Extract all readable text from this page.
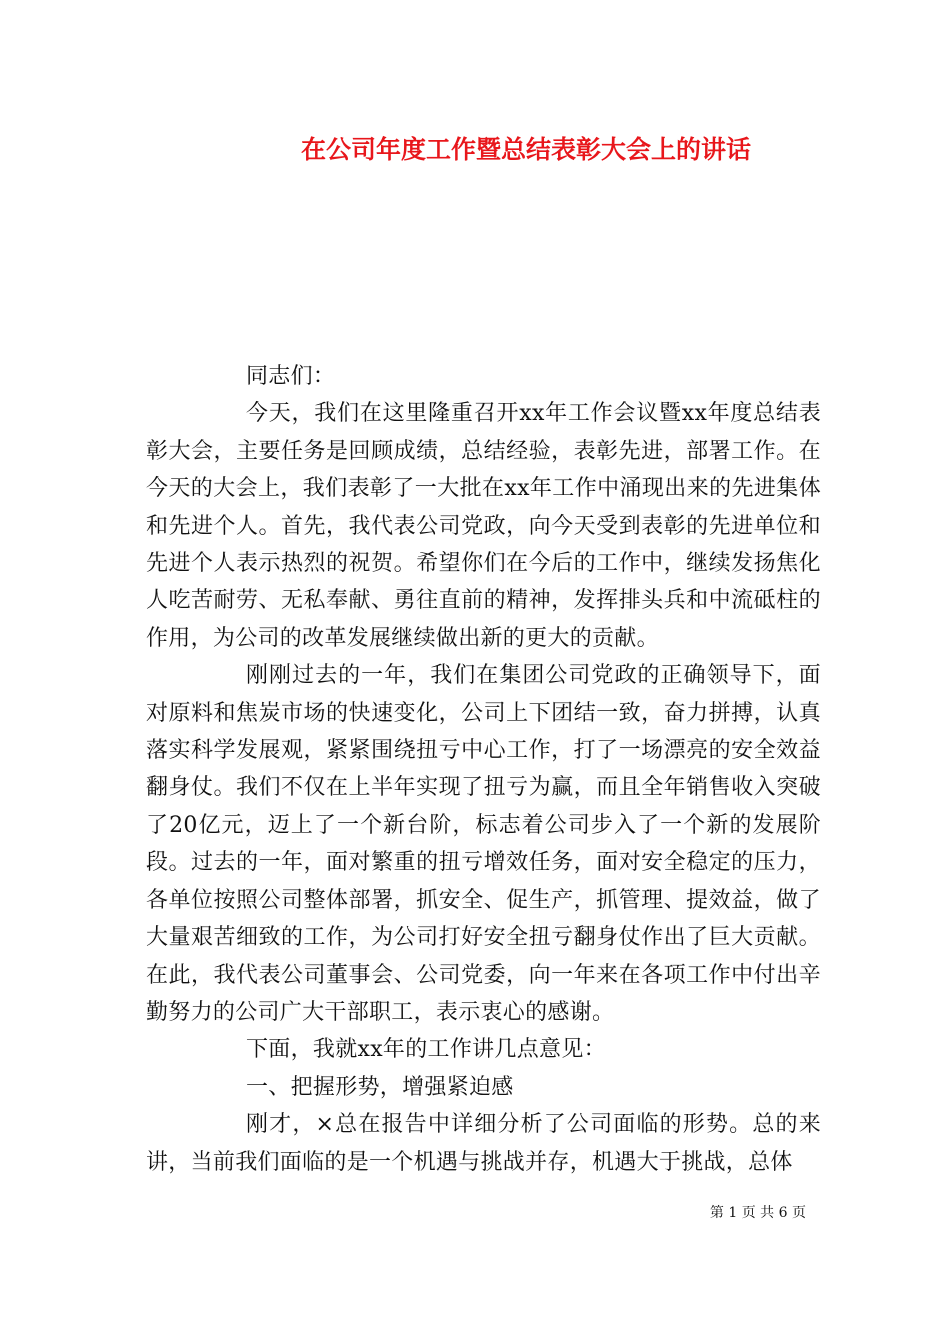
在公司年度工作暨总结表彰大会上的讲话

同志们：

今天，我们在这里隆重召开xx年工作会议暨xx年度总结表彰大会，主要任务是回顾成绩，总结经验，表彰先进，部署工作。在今天的大会上，我们表彰了一大批在xx年工作中涌现出来的先进集体和先进个人。首先，我代表公司党政，向今天受到表彰的先进单位和先进个人表示热烈的祝贺。希望你们在今后的工作中，继续发扬焦化人吃苦耐劳、无私奉献、勇往直前的精神，发挥排头兵和中流砥柱的作用，为公司的改革发展继续做出新的更大的贡献。

刚刚过去的一年，我们在集团公司党政的正确领导下，面对原料和焦炭市场的快速变化，公司上下团结一致，奋力拼搏，认真落实科学发展观，紧紧围绕扭亏中心工作，打了一场漂亮的安全效益翻身仗。我们不仅在上半年实现了扭亏为赢，而且全年销售收入突破了20亿元，迈上了一个新台阶，标志着公司步入了一个新的发展阶段。过去的一年，面对繁重的扭亏增效任务，面对安全稳定的压力，各单位按照公司整体部署，抓安全、促生产，抓管理、提效益，做了大量艰苦细致的工作，为公司打好安全扭亏翻身仗作出了巨大贡献。在此，我代表公司董事会、公司党委，向一年来在各项工作中付出辛勤努力的公司广大干部职工，表示衷心的感谢。

下面，我就xx年的工作讲几点意见：

一、把握形势，增强紧迫感

刚才，×总在报告中详细分析了公司面临的形势。总的来讲，当前我们面临的是一个机遇与挑战并存，机遇大于挑战，总体

第 1 页 共 6 页
